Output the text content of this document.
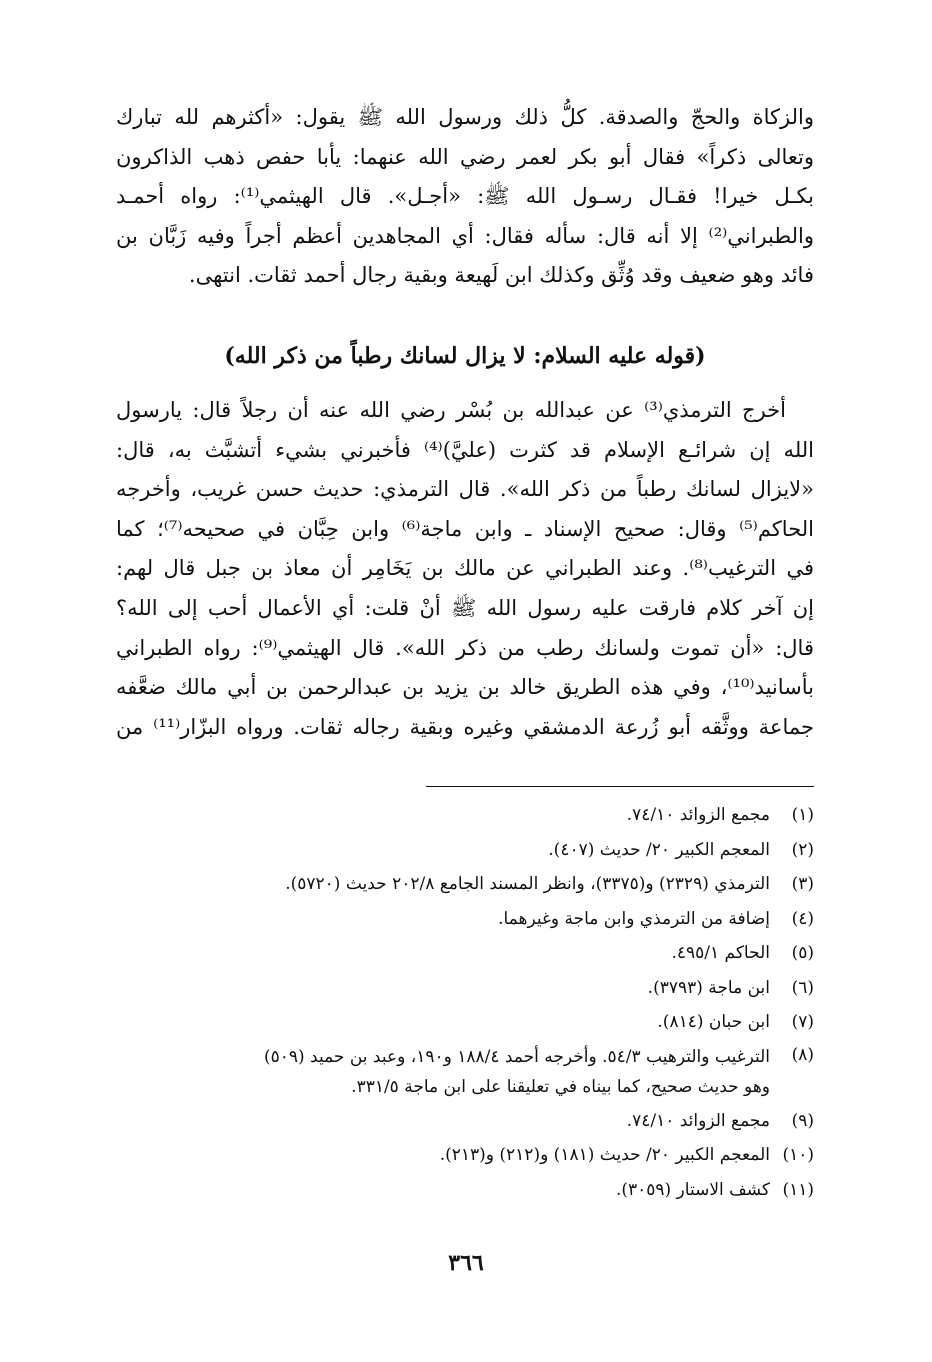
والزكاة والحجّ والصدقة. كلُّ ذلك ورسول الله ﷺ يقول: «أكثرهم لله تبارك
وتعالى ذكراً» فقال أبو بكر لعمر رضي الله عنهما: يأبا حفص ذهب الذاكرون
بكـل خيرا! فقـال رسـول الله ﷺ: «أجـل». قال الهيثمي⁽¹⁾: رواه أحمـد
والطبراني⁽²⁾ إلا أنه قال: سأله فقال: أي المجاهدين أعظم أجراً وفيه زَبَّان بن
فائد وهو ضعيف وقد وُثِّق وكذلك ابن لَهيعة وبقية رجال أحمد ثقات. انتهى.
(قوله عليه السلام: لا يزال لسانك رطباً من ذكر الله)
أخرج الترمذي⁽³⁾ عن عبدالله بن بُسْر رضي الله عنه أن رجلاً قال: يارسول
الله إن شرائـع الإسلام قد كثرت (عليَّ)⁽⁴⁾ فأخبرني بشيء أتشبَّث به، قال:
«لايزال لسانك رطباً من ذكر الله». قال الترمذي: حديث حسن غريب، وأخرجه
الحاكم⁽⁵⁾ وقال: صحيح الإسناد ـ وابن ماجة⁽⁶⁾ وابن حِبَّان في صحيحه⁽⁷⁾؛ كما
في الترغيب⁽⁸⁾. وعند الطبراني عن مالك بن يَخَامِر أن معاذ بن جبل قال لهم:
إن آخر كلام فارقت عليه رسول الله ﷺ أنْ قلت: أي الأعمال أحب إلى الله؟
قال: «أن تموت ولسانك رطب من ذكر الله». قال الهيثمي⁽⁹⁾: رواه الطبراني
بأسانيد⁽¹⁰⁾، وفي هذه الطريق خالد بن يزيد بن عبدالرحمن بن أبي مالك ضعَّفه
جماعة ووثَّقه أبو زُرعة الدمشقي وغيره وبقية رجاله ثقات. ورواه البزّار⁽¹¹⁾ من
(١)
مجمع الزوائد ٧٤/١٠.
(٢)
المعجم الكبير ٢٠/ حديث (٤٠٧).
(٣)
الترمذي (٢٣٢٩) و(٣٣٧٥)، وانظر المسند الجامع ٢٠٢/٨ حديث (٥٧٢٠).
(٤)
إضافة من الترمذي وابن ماجة وغيرهما.
(٥)
الحاكم ٤٩٥/١.
(٦)
ابن ماجة (٣٧٩٣).
(٧)
ابن حبان (٨١٤).
(٨)
الترغيب والترهيب ٥٤/٣. وأخرجه أحمد ١٨٨/٤ و١٩٠، وعبد بن حميد (٥٠٩)
وهو حديث صحيح، كما بيناه في تعليقنا على ابن ماجة ٣٣١/٥.
(٩)
مجمع الزوائد ٧٤/١٠.
(١٠)
المعجم الكبير ٢٠/ حديث (١٨١) و(٢١٢) و(٢١٣).
(١١)
كشف الاستار (٣٠٥٩).
٣٦٦
